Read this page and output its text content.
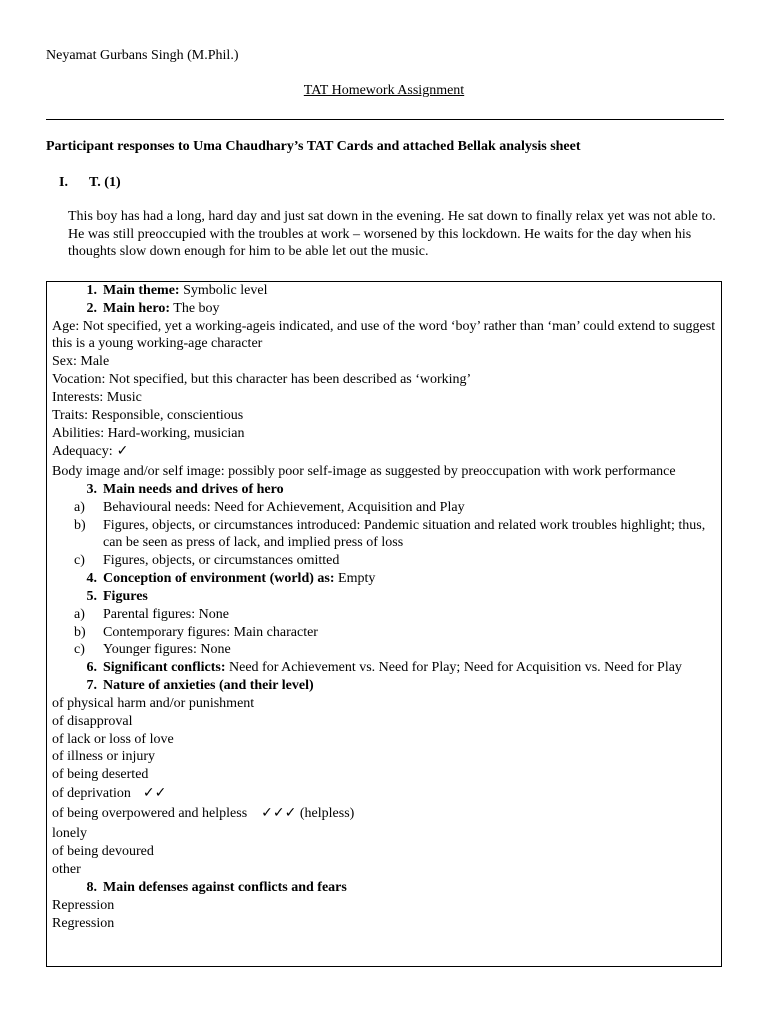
Neyamat Gurbans Singh (M.Phil.)
TAT Homework Assignment
Participant responses to Uma Chaudhary’s TAT Cards and attached Bellak analysis sheet
I. T. (1)

This boy has had a long, hard day and just sat down in the evening. He sat down to finally relax yet was not able to. He was still preoccupied with the troubles at work – worsened by this lockdown. He waits for the day when his thoughts slow down enough for him to be able let out the music.

1. Main theme: Symbolic level
2. Main hero: The boy
Age: Not specified, yet a working-ageis indicated, and use of the word ‘boy’ rather than ‘man’ could extend to suggest this is a young working-age character
Sex: Male
Vocation: Not specified, but this character has been described as ‘working’
Interests: Music
Traits: Responsible, conscientious
Abilities: Hard-working, musician
Adequacy: ✓
Body image and/or self image: possibly poor self-image as suggested by preoccupation with work performance
3. Main needs and drives of hero
a)	Behavioural needs: Need for Achievement, Acquisition and Play
b)	Figures, objects, or circumstances introduced: Pandemic situation and related work troubles highlight; thus, can be seen as press of lack, and implied press of loss
c)	Figures, objects, or circumstances omitted
4. Conception of environment (world) as: Empty
5. Figures
a)	Parental figures: None
b)	Contemporary figures: Main character
c)	Younger figures: None
6. Significant conflicts: Need for Achievement vs. Need for Play; Need for Acquisition vs. Need for Play
7. Nature of anxieties (and their level)
of physical harm and/or punishment
of disapproval
of lack or loss of love
of illness or injury
of being deserted
of deprivation ✓✓
of being overpowered and helpless ✓✓✓ (helpless)
lonely
of being devoured
other
8. Main defenses against conflicts and fears
Repression
Regression
